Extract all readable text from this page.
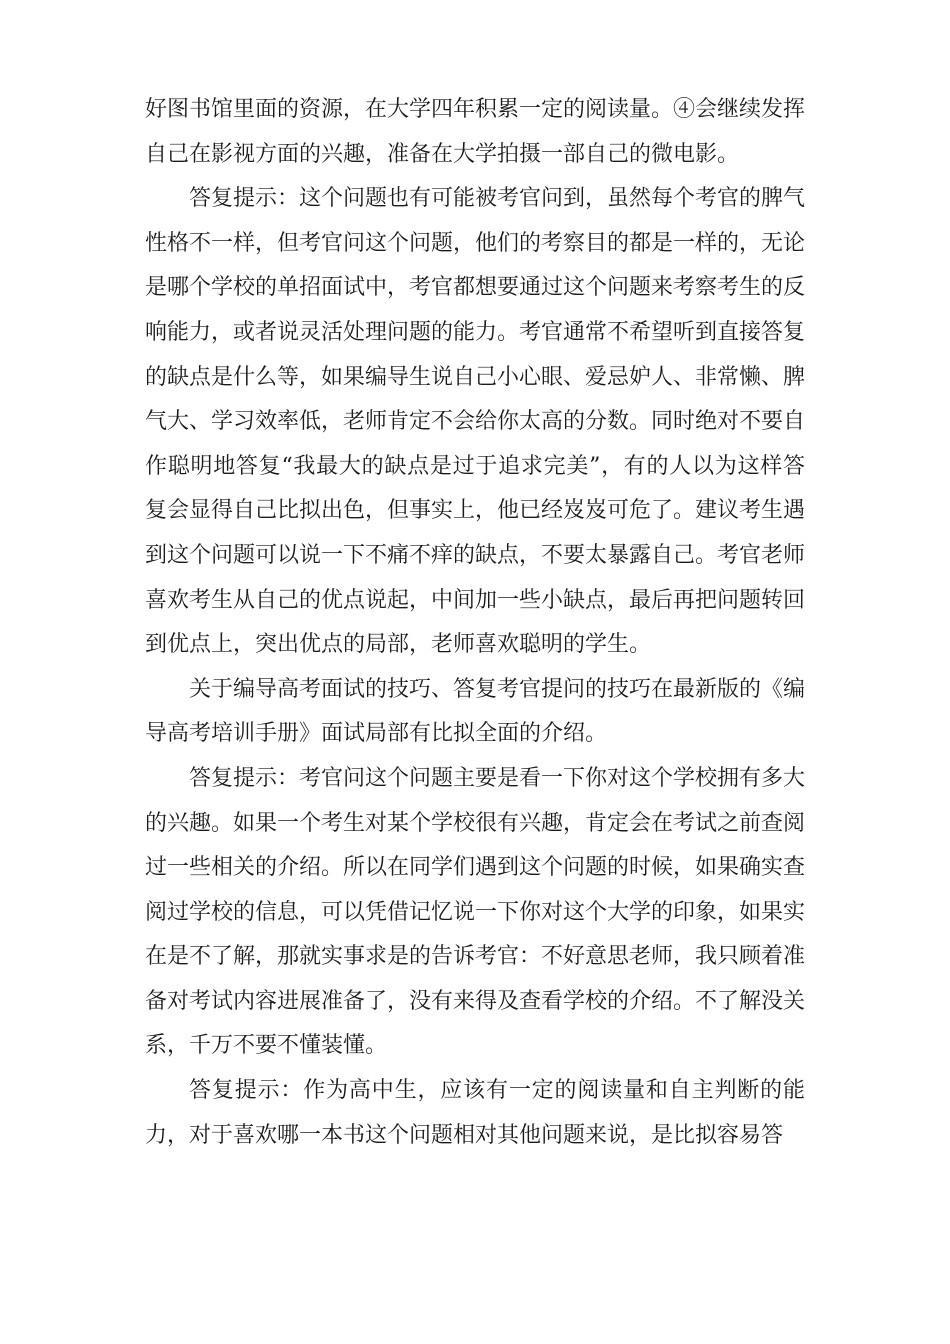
好图书馆里面的资源，在大学四年积累一定的阅读量。④会继续发挥自己在影视方面的兴趣，准备在大学拍摄一部自己的微电影。

答复提示：这个问题也有可能被考官问到，虽然每个考官的脾气性格不一样，但考官问这个问题，他们的考察目的都是一样的，无论是哪个学校的单招面试中，考官都想要通过这个问题来考察考生的反响能力，或者说灵活处理问题的能力。考官通常不希望听到直接答复的缺点是什么等，如果编导生说自己小心眼、爱忌妒人、非常懒、脾气大、学习效率低，老师肯定不会给你太高的分数。同时绝对不要自作聪明地答复“我最大的缺点是过于追求完美”，有的人以为这样答复会显得自己比拟出色，但事实上，他已经岌岌可危了。建议考生遇到这个问题可以说一下不痛不痒的缺点，不要太暴露自己。考官老师喜欢考生从自己的优点说起，中间加一些小缺点，最后再把问题转回到优点上，突出优点的局部，老师喜欢聪明的学生。

关于编导高考面试的技巧、答复考官提问的技巧在最新版的《编导高考培训手册》面试局部有比拟全面的介绍。

答复提示：考官问这个问题主要是看一下你对这个学校拥有多大的兴趣。如果一个考生对某个学校很有兴趣，肯定会在考试之前查阅过一些相关的介绍。所以在同学们遇到这个问题的时候，如果确实查阅过学校的信息，可以凭借记忆说一下你对这个大学的印象，如果实在是不了解，那就实事求是的告诉考官：不好意思老师，我只顾着准备对考试内容进展准备了，没有来得及查看学校的介绍。不了解没关系，千万不要不懂装懂。

答复提示：作为高中生，应该有一定的阅读量和自主判断的能力，对于喜欢哪一本书这个问题相对其他问题来说，是比拟容易答
